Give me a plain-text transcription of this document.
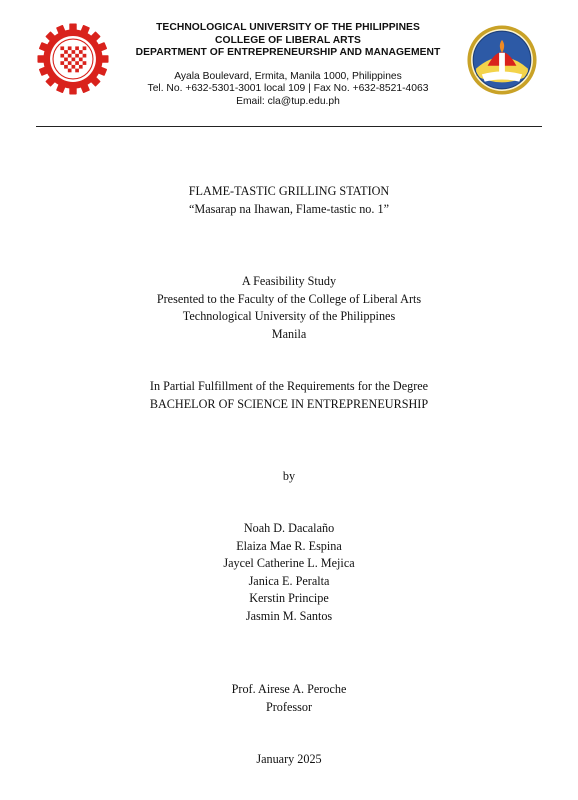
TECHNOLOGICAL UNIVERSITY OF THE PHILIPPINES
COLLEGE OF LIBERAL ARTS
DEPARTMENT OF ENTREPRENEURSHIP AND MANAGEMENT
Ayala Boulevard, Ermita, Manila 1000, Philippines
Tel. No. +632-5301-3001 local 109 | Fax No. +632-8521-4063
Email: cla@tup.edu.ph
FLAME-TASTIC GRILLING STATION
“Masarap na Ihawan, Flame-tastic no. 1”
A Feasibility Study
Presented to the Faculty of the College of Liberal Arts
Technological University of the Philippines
Manila
In Partial Fulfillment of the Requirements for the Degree
BACHELOR OF SCIENCE IN ENTREPRENEURSHIP
by
Noah D. Dacalaño
Elaiza Mae R. Espina
Jaycel Catherine L. Mejica
Janica E. Peralta
Kerstin Principe
Jasmin M. Santos
Prof. Airese A. Peroche
Professor
January 2025
